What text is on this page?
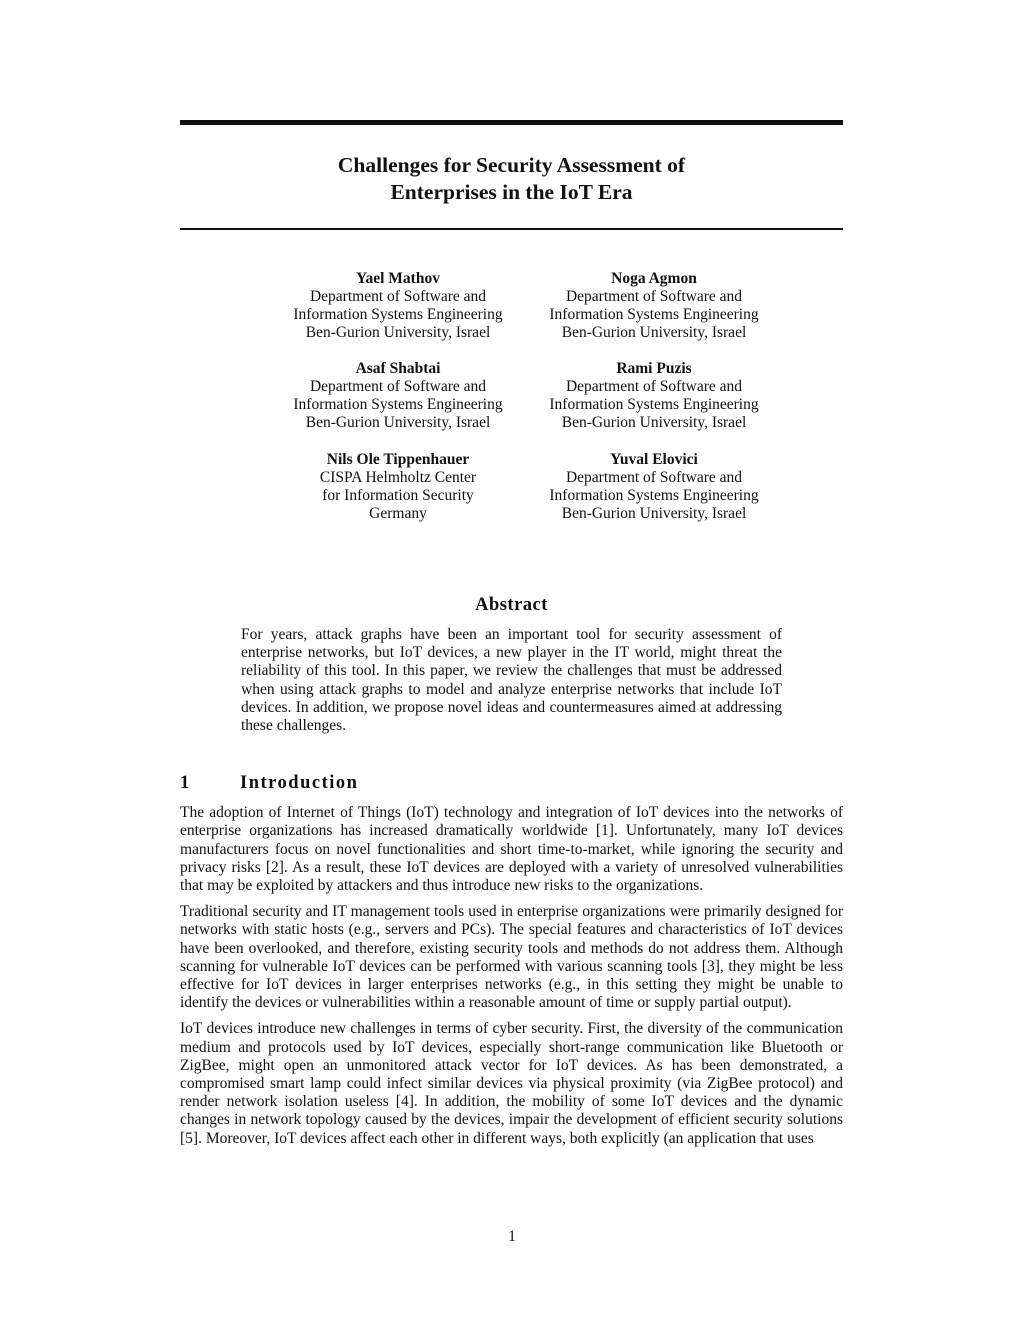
Challenges for Security Assessment of
Enterprises in the IoT Era
Yael Mathov
Department of Software and
Information Systems Engineering
Ben-Gurion University, Israel
Noga Agmon
Department of Software and
Information Systems Engineering
Ben-Gurion University, Israel
Asaf Shabtai
Department of Software and
Information Systems Engineering
Ben-Gurion University, Israel
Rami Puzis
Department of Software and
Information Systems Engineering
Ben-Gurion University, Israel
Nils Ole Tippenhauer
CISPA Helmholtz Center
for Information Security
Germany
Yuval Elovici
Department of Software and
Information Systems Engineering
Ben-Gurion University, Israel
Abstract
For years, attack graphs have been an important tool for security assessment of enterprise networks, but IoT devices, a new player in the IT world, might threat the reliability of this tool. In this paper, we review the challenges that must be addressed when using attack graphs to model and analyze enterprise networks that include IoT devices. In addition, we propose novel ideas and countermeasures aimed at addressing these challenges.
1	Introduction
The adoption of Internet of Things (IoT) technology and integration of IoT devices into the networks of enterprise organizations has increased dramatically worldwide [1]. Unfortunately, many IoT devices manufacturers focus on novel functionalities and short time-to-market, while ignoring the security and privacy risks [2]. As a result, these IoT devices are deployed with a variety of unresolved vulnerabilities that may be exploited by attackers and thus introduce new risks to the organizations.
Traditional security and IT management tools used in enterprise organizations were primarily designed for networks with static hosts (e.g., servers and PCs). The special features and characteristics of IoT devices have been overlooked, and therefore, existing security tools and methods do not address them. Although scanning for vulnerable IoT devices can be performed with various scanning tools [3], they might be less effective for IoT devices in larger enterprises networks (e.g., in this setting they might be unable to identify the devices or vulnerabilities within a reasonable amount of time or supply partial output).
IoT devices introduce new challenges in terms of cyber security. First, the diversity of the communication medium and protocols used by IoT devices, especially short-range communication like Bluetooth or ZigBee, might open an unmonitored attack vector for IoT devices. As has been demonstrated, a compromised smart lamp could infect similar devices via physical proximity (via ZigBee protocol) and render network isolation useless [4]. In addition, the mobility of some IoT devices and the dynamic changes in network topology caused by the devices, impair the development of efficient security solutions [5]. Moreover, IoT devices affect each other in different ways, both explicitly (an application that uses
1
